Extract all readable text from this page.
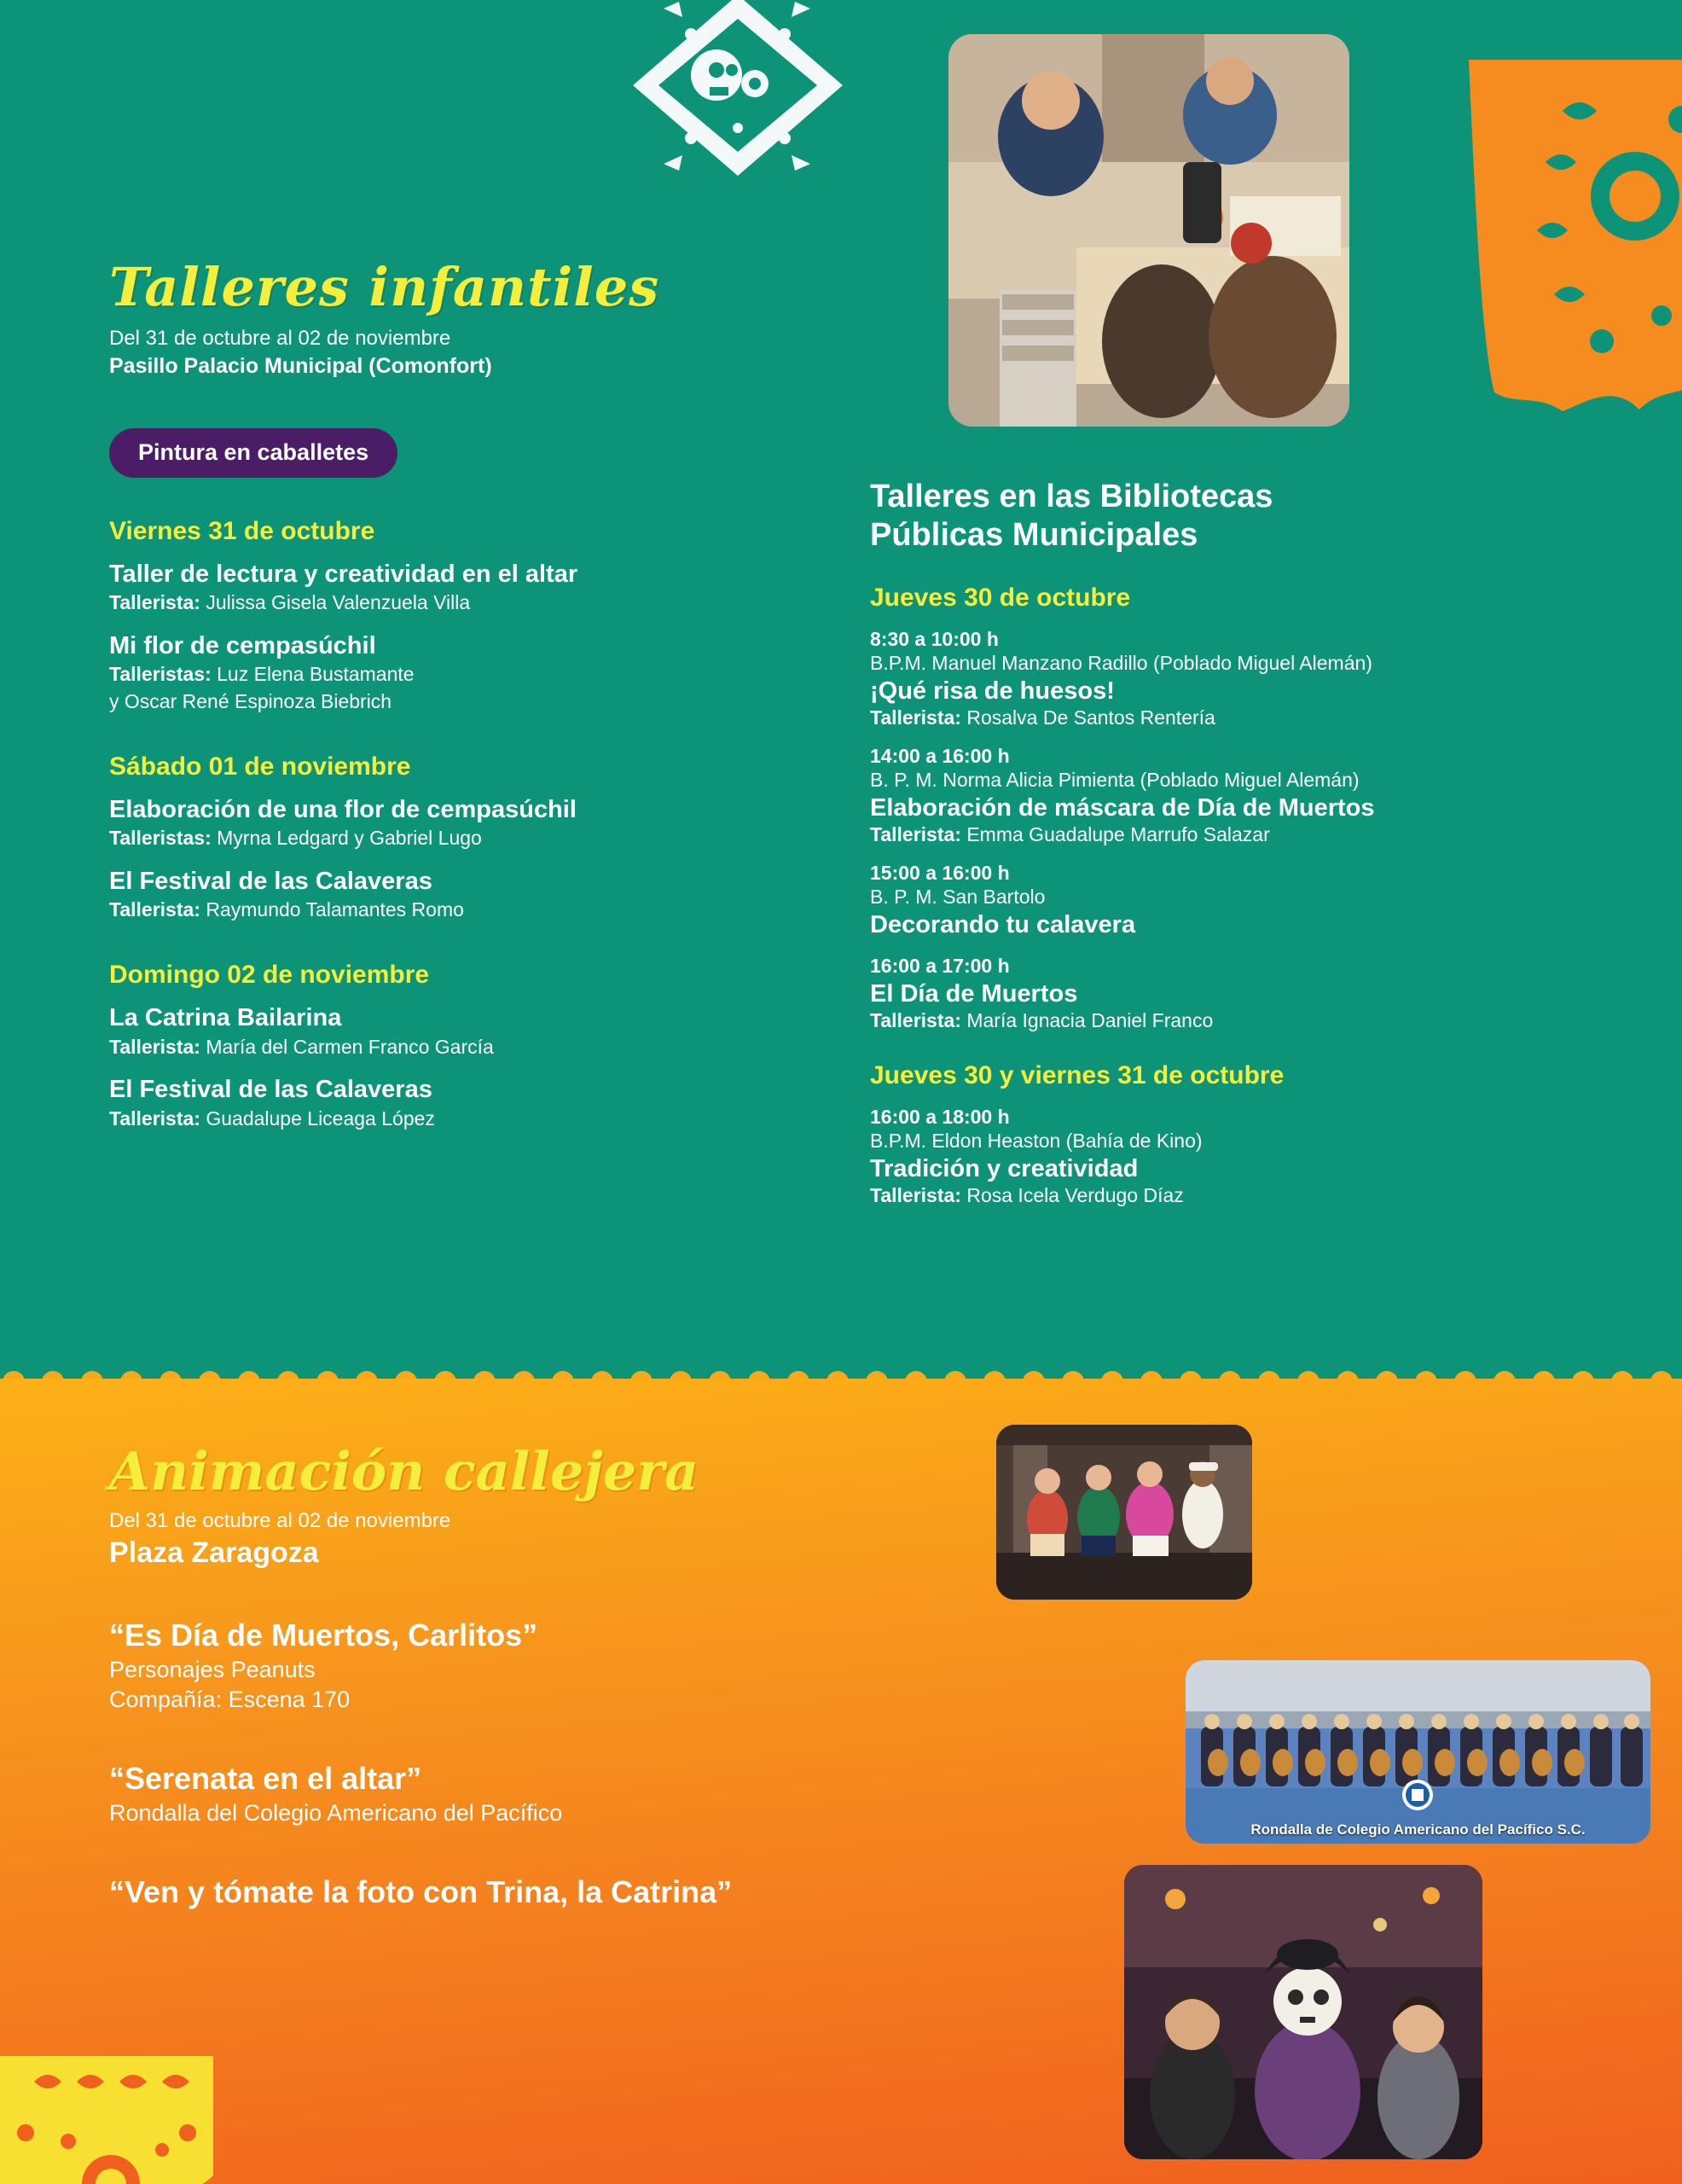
Talleres infantiles
Del 31 de octubre al 02 de noviembre
Pasillo Palacio Municipal (Comonfort)
Pintura en caballetes
Viernes 31 de octubre
Taller de lectura y creatividad en el altar
Tallerista: Julissa Gisela Valenzuela Villa
Mi flor de cempasúchil
Talleristas: Luz Elena Bustamante
y Oscar René Espinoza Biebrich
Sábado 01 de noviembre
Elaboración de una flor de cempasúchil
Talleristas: Myrna Ledgard y Gabriel Lugo
El Festival de las Calaveras
Tallerista: Raymundo Talamantes Romo
Domingo 02 de noviembre
La Catrina Bailarina
Tallerista: María del Carmen Franco García
El Festival de las Calaveras
Tallerista: Guadalupe Liceaga López
Talleres en las Bibliotecas
Públicas Municipales
Jueves 30 de octubre
8:30 a 10:00 h
B.P.M. Manuel Manzano Radillo (Poblado Miguel Alemán)
¡Qué risa de huesos!
Tallerista: Rosalva De Santos Rentería
14:00 a 16:00 h
B. P. M. Norma Alicia Pimienta (Poblado Miguel Alemán)
Elaboración de máscara de Día de Muertos
Tallerista: Emma Guadalupe Marrufo Salazar
15:00 a 16:00 h
B. P. M. San Bartolo
Decorando tu calavera
16:00 a 17:00 h
El Día de Muertos
Tallerista: María Ignacia Daniel Franco
Jueves 30 y viernes 31 de octubre
16:00 a 18:00 h
B.P.M. Eldon Heaston (Bahía de Kino)
Tradición y creatividad
Tallerista: Rosa Icela Verdugo Díaz
Animación callejera
Del 31 de octubre al 02 de noviembre
Plaza Zaragoza
“Es Día de Muertos, Carlitos”
Personajes Peanuts
Compañía: Escena 170
“Serenata en el altar”
Rondalla del Colegio Americano del Pacífico
“Ven y tómate la foto con Trina, la Catrina”
Rondalla de Colegio Americano del Pacífico S.C.
